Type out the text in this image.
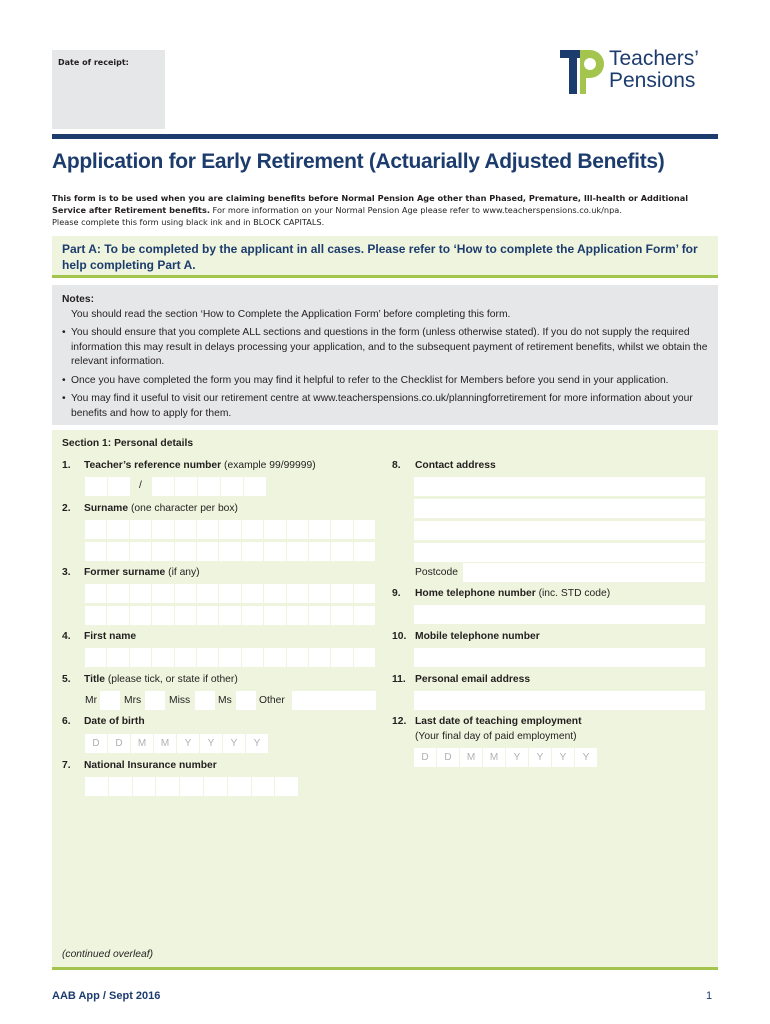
Date of receipt:	Teachers’
Pensions
Application for Early Retirement (Actuarially Adjusted Benefits)
This form is to be used when you are claiming benefits before Normal Pension Age other than Phased, Premature, Ill-health or Additional Service after Retirement benefits. For more information on your Normal Pension Age please refer to www.teacherspensions.co.uk/npa.
Please complete this form using black ink and in BLOCK CAPITALS.
Part A: To be completed by the applicant in all cases. Please refer to ‘How to complete the Application Form’ for help completing Part A.
Notes:
You should read the section ‘How to Complete the Application Form’ before completing this form.
• You should ensure that you complete ALL sections and questions in the form (unless otherwise stated). If you do not supply the required information this may result in delays processing your application, and to the subsequent payment of retirement benefits, whilst we obtain the relevant information.
• Once you have completed the form you may find it helpful to refer to the Checklist for Members before you send in your application.
• You may find it useful to visit our retirement centre at www.teacherspensions.co.uk/planningforretirement for more information about your benefits and how to apply for them.
Section 1: Personal details
1. Teacher’s reference number (example 99/99999)
/
2. Surname (one character per box)
3. Former surname (if any)
4. First name
5. Title (please tick, or state if other)
Mr	Mrs	Miss	Ms	Other
6. Date of birth
D	D	M	M	Y	Y	Y	Y
7. National Insurance number
8. Contact address
Postcode
9. Home telephone number (inc. STD code)
10. Mobile telephone number
11. Personal email address
12. Last date of teaching employment
(Your final day of paid employment)
D	D	M	M	Y	Y	Y	Y
(continued overleaf)
AAB App / Sept 2016	1
